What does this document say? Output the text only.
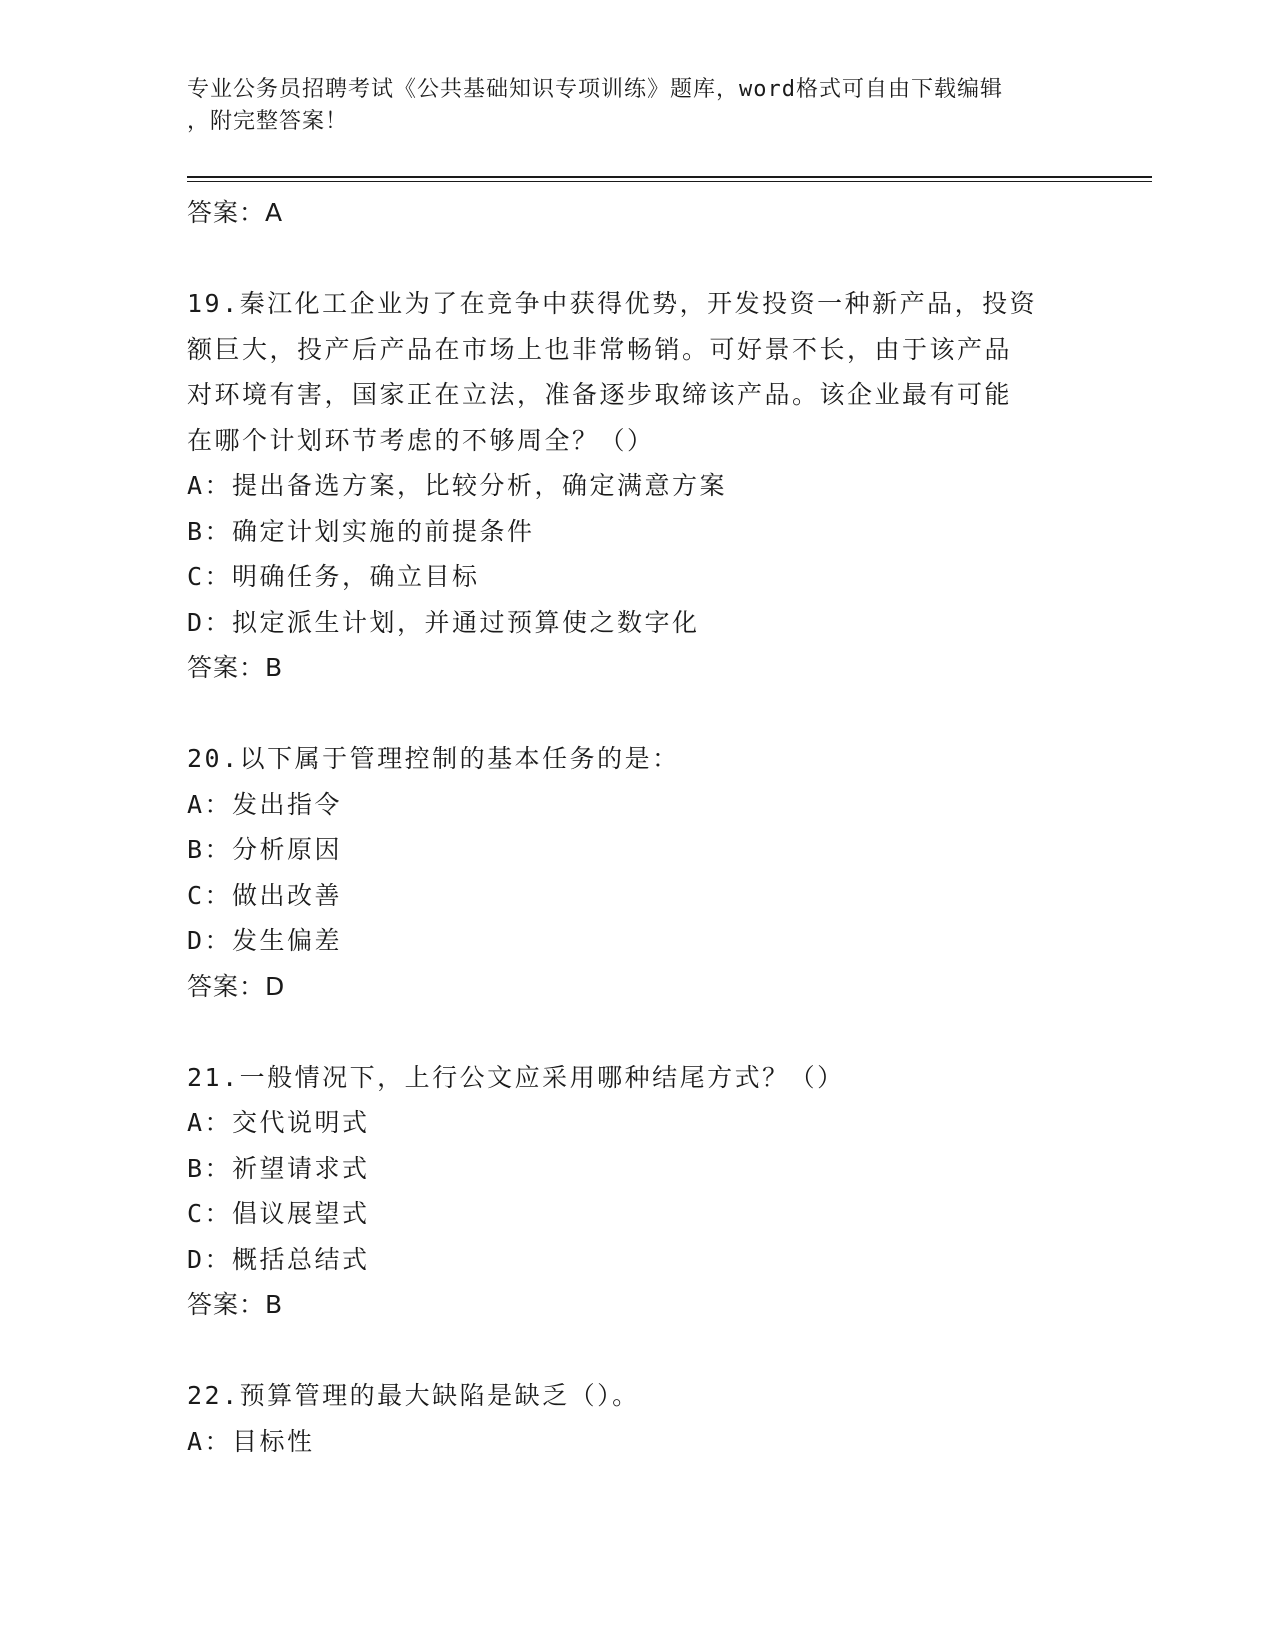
专业公务员招聘考试《公共基础知识专项训练》题库，word格式可自由下载编辑
，附完整答案！
答案：A
19.秦江化工企业为了在竞争中获得优势，开发投资一种新产品，投资
额巨大，投产后产品在市场上也非常畅销。可好景不长，由于该产品
对环境有害，国家正在立法，准备逐步取缔该产品。该企业最有可能
在哪个计划环节考虑的不够周全？（）
A：提出备选方案，比较分析，确定满意方案
B：确定计划实施的前提条件
C：明确任务，确立目标
D：拟定派生计划，并通过预算使之数字化
答案：B
20.以下属于管理控制的基本任务的是：
A：发出指令
B：分析原因
C：做出改善
D：发生偏差
答案：D
21.一般情况下，上行公文应采用哪种结尾方式？（）
A：交代说明式
B：祈望请求式
C：倡议展望式
D：概括总结式
答案：B
22.预算管理的最大缺陷是缺乏（）。
A：目标性
